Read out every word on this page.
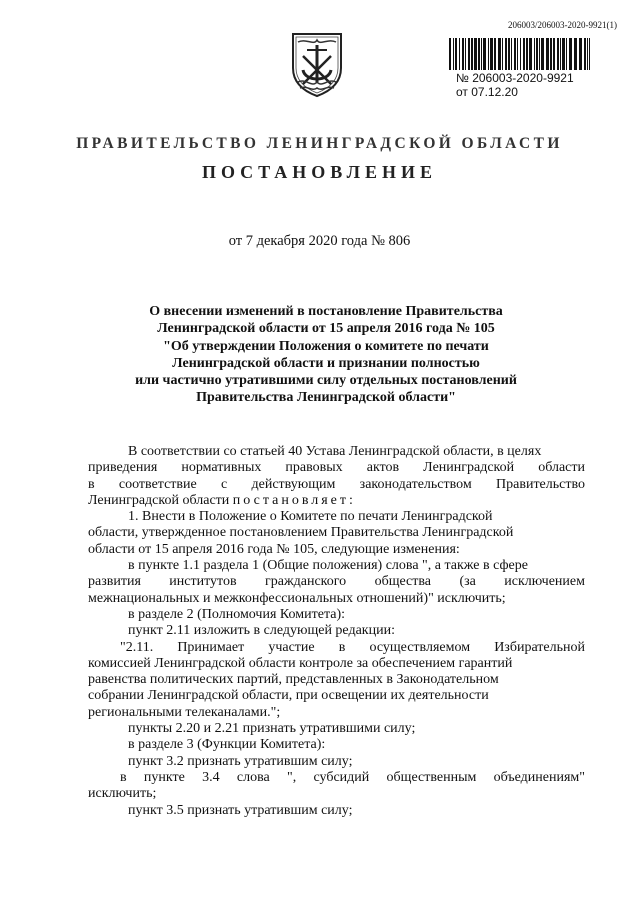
206003/206003-2020-9921(1)
№ 206003-2020-9921
от 07.12.20
ПРАВИТЕЛЬСТВО ЛЕНИНГРАДСКОЙ ОБЛАСТИ
ПОСТАНОВЛЕНИЕ
от 7 декабря 2020 года № 806
О внесении изменений в постановление Правительства
Ленинградской области от 15 апреля 2016 года № 105
"Об утверждении Положения о комитете по печати
Ленинградской области и признании полностью
или частично утратившими силу отдельных постановлений
Правительства Ленинградской области"
В соответствии со статьей 40 Устава Ленинградской области, в целях
приведения нормативных правовых актов Ленинградской области
в соответствие с действующим законодательством Правительство
Ленинградской области постановляет:
1. Внести в Положение о Комитете по печати Ленинградской
области, утвержденное постановлением Правительства Ленинградской
области от 15 апреля 2016 года № 105, следующие изменения:
в пункте 1.1 раздела 1 (Общие положения) слова ", а также в сфере
развития институтов гражданского общества (за исключением
межнациональных и межконфессиональных отношений)" исключить;
в разделе 2 (Полномочия Комитета):
пункт 2.11 изложить в следующей редакции:
"2.11. Принимает участие в осуществляемом Избирательной
комиссией Ленинградской области контроле за обеспечением гарантий
равенства политических партий, представленных в Законодательном
собрании Ленинградской области, при освещении их деятельности
региональными телеканалами.";
пункты 2.20 и 2.21 признать утратившими силу;
в разделе 3 (Функции Комитета):
пункт 3.2 признать утратившим силу;
в пункте 3.4 слова ", субсидий общественным объединениям"
исключить;
пункт 3.5 признать утратившим силу;
